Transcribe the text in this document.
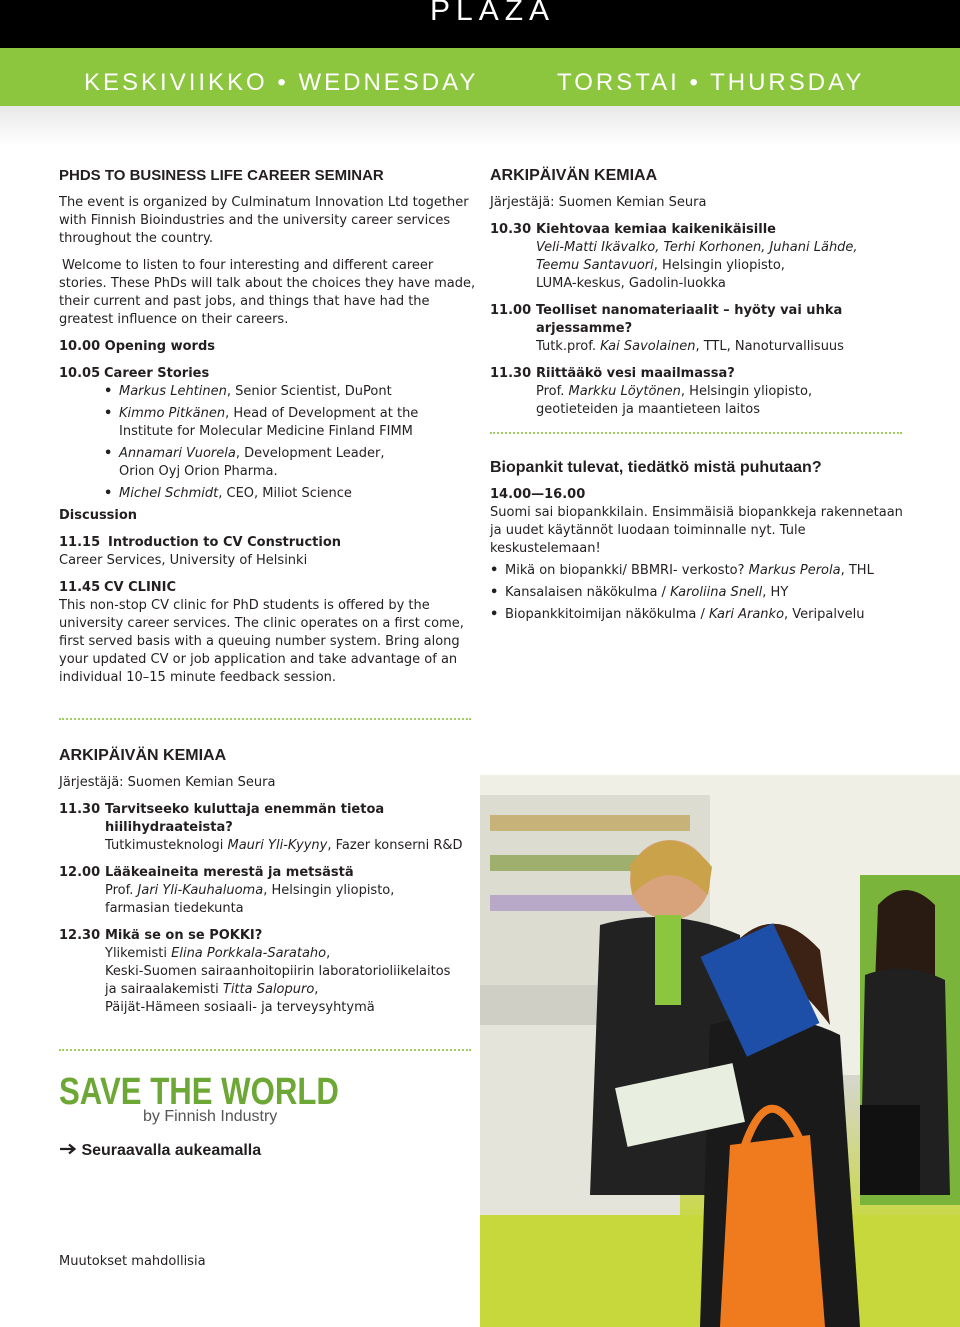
PLAZA
KESKIVIIKKO • WEDNESDAY	TORSTAI • THURSDAY
PHDS TO BUSINESS LIFE CAREER SEMINAR

The event is organized by Culminatum Innovation Ltd together with Finnish Bioindustries and the university career services throughout the country.

Welcome to listen to four interesting and different career stories. These PhDs will talk about the choices they have made, their current and past jobs, and things that have had the greatest influence on their careers.

10.00 Opening words

10.05 Career Stories
• Markus Lehtinen, Senior Scientist, DuPont
• Kimmo Pitkänen, Head of Development at the Institute for Molecular Medicine Finland FIMM
• Annamari Vuorela, Development Leader, Orion Oyj Orion Pharma.
• Michel Schmidt, CEO, Miliot Science

Discussion

11.15 Introduction to CV Construction

Career Services, University of Helsinki

11.45 CV CLINIC

This non-stop CV clinic for PhD students is offered by the university career services. The clinic operates on a first come, first served basis with a queuing number system. Bring along your updated CV or job application and take advantage of an individual 10–15 minute feedback session.

ARKIPÄIVÄN KEMIAA

Järjestäjä: Suomen Kemian Seura

11.30 Tarvitseeko kuluttaja enemmän tietoa hiilihydraateista?

Tutkimusteknologi Mauri Yli-Kyyny, Fazer konserni R&D

12.00 Lääkeaineita merestä ja metsästä

Prof. Jari Yli-Kauhaluoma, Helsingin yliopisto, farmasian tiedekunta

12.30 Mikä se on se POKKI?

Ylikemisti Elina Porkkala-Sarataho,

Keski-Suomen sairaanhoitopiirin laboratorioliikelaitos

ja sairaalakemisti Titta Salopuro,

Päijät-Hämeen sosiaali- ja terveysyhtymä

SAVE THE WORLD
by Finnish Industry
Seuraavalla aukeamalla
Muutokset mahdollisia
ARKIPÄIVÄN KEMIAA

Järjestäjä: Suomen Kemian Seura

10.30 Kiehtovaa kemiaa kaikenikäisille

Veli-Matti Ikävalko, Terhi Korhonen, Juhani Lähde,

Teemu Santavuori, Helsingin yliopisto,

LUMA-keskus, Gadolin-luokka

11.00 Teolliset nanomateriaalit – hyöty vai uhka arjessamme?

Tutk.prof. Kai Savolainen, TTL, Nanoturvallisuus

11.30 Riittääkö vesi maailmassa?

Prof. Markku Löytönen, Helsingin yliopisto,

geotieteiden ja maantieteen laitos

Biopankit tulevat, tiedätkö mistä puhutaan?

14.00—16.00

Suomi sai biopankkilain. Ensimmäisiä biopankkeja rakennetaan ja uudet käytännöt luodaan toiminnalle nyt. Tule keskustelemaan!

• Mikä on biopankki/ BBMRI- verkosto? Markus Perola, THL
• Kansalaisen näkökulma / Karoliina Snell, HY
• Biopankkitoimijan näkökulma / Kari Aranko, Veripalvelu
